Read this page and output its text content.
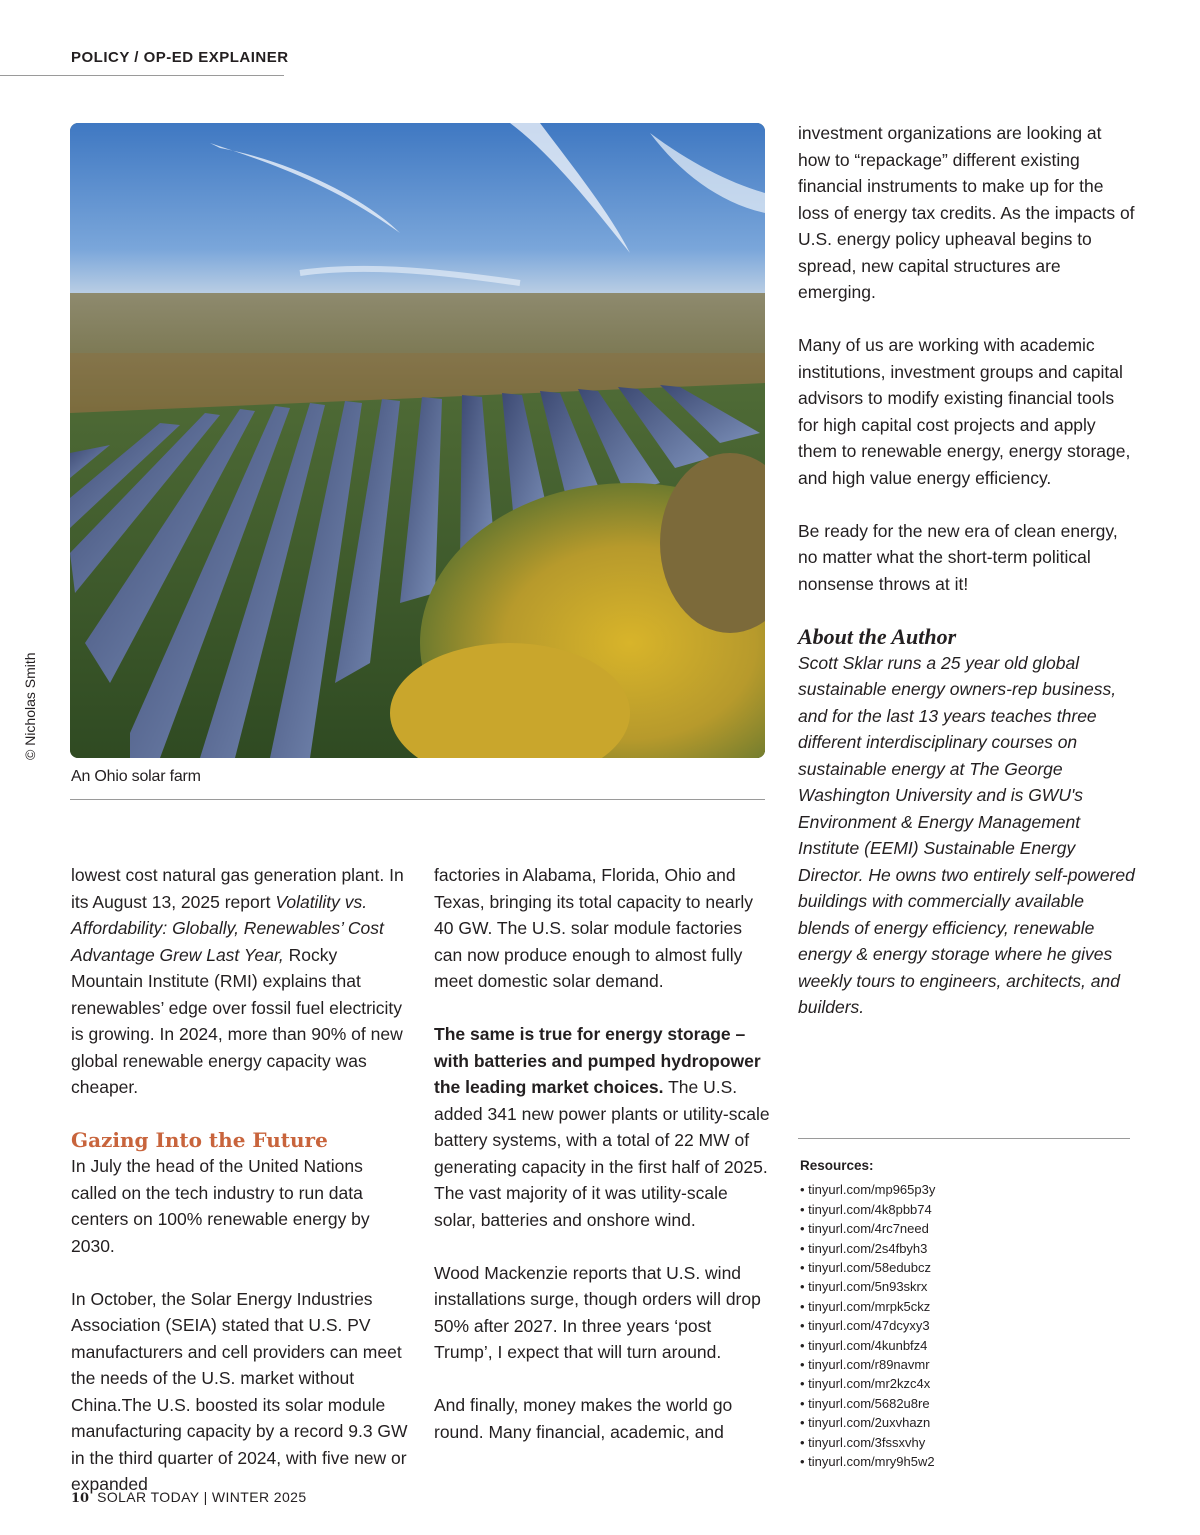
POLICY / OP-ED EXPLAINER
© Nicholas Smith
An Ohio solar farm

lowest cost natural gas generation plant. In its August 13, 2025 report Volatility vs. Affordability: Globally, Renewables’ Cost Advantage Grew Last Year, Rocky Mountain Institute (RMI) explains that renewables’ edge over fossil fuel electricity is growing. In 2024, more than 90% of new global renewable energy capacity was cheaper.

Gazing Into the Future

In July the head of the United Nations called on the tech industry to run data centers on 100% renewable energy by 2030.

In October, the Solar Energy Industries Association (SEIA) stated that U.S. PV manufacturers and cell providers can meet the needs of the U.S. market without China.The U.S. boosted its solar module manufacturing capacity by a record 9.3 GW in the third quarter of 2024, with five new or expanded

factories in Alabama, Florida, Ohio and Texas, bringing its total capacity to nearly 40 GW. The U.S. solar module factories can now produce enough to almost fully meet domestic solar demand.

The same is true for energy storage – with batteries and pumped hydropower the leading market choices. The U.S. added 341 new power plants or utility-scale battery systems, with a total of 22 MW of generating capacity in the first half of 2025. The vast majority of it was utility-scale solar, batteries and onshore wind.

Wood Mackenzie reports that U.S. wind installations surge, though orders will drop 50% after 2027. In three years ‘post Trump’, I expect that will turn around.

And finally, money makes the world go round. Many financial, academic, and

investment organizations are looking at how to “repackage” different existing financial instruments to make up for the loss of energy tax credits. As the impacts of U.S. energy policy upheaval begins to spread, new capital structures are emerging.

Many of us are working with academic institutions, investment groups and capital advisors to modify existing financial tools for high capital cost projects and apply them to renewable energy, energy storage, and high value energy efficiency.

Be ready for the new era of clean energy, no matter what the short-term political nonsense throws at it!

About the Author

Scott Sklar runs a 25 year old global sustainable energy owners-rep business, and for the last 13 years teaches three different interdisciplinary courses on sustainable energy at The George Washington University and is GWU's Environment & Energy Management Institute (EEMI) Sustainable Energy Director. He owns two entirely self-powered buildings with commercially available blends of energy efficiency, renewable energy & energy storage where he gives weekly tours to engineers, architects, and builders.

Resources:
• tinyurl.com/mp965p3y
• tinyurl.com/4k8pbb74
• tinyurl.com/4rc7need
• tinyurl.com/2s4fbyh3
• tinyurl.com/58edubcz
• tinyurl.com/5n93skrx
• tinyurl.com/mrpk5ckz
• tinyurl.com/47dcyxy3
• tinyurl.com/4kunbfz4
• tinyurl.com/r89navmr
• tinyurl.com/mr2kzc4x
• tinyurl.com/5682u8re
• tinyurl.com/2uxvhazn
• tinyurl.com/3fssxvhy
• tinyurl.com/mry9h5w2
10 SOLAR TODAY | WINTER 2025
